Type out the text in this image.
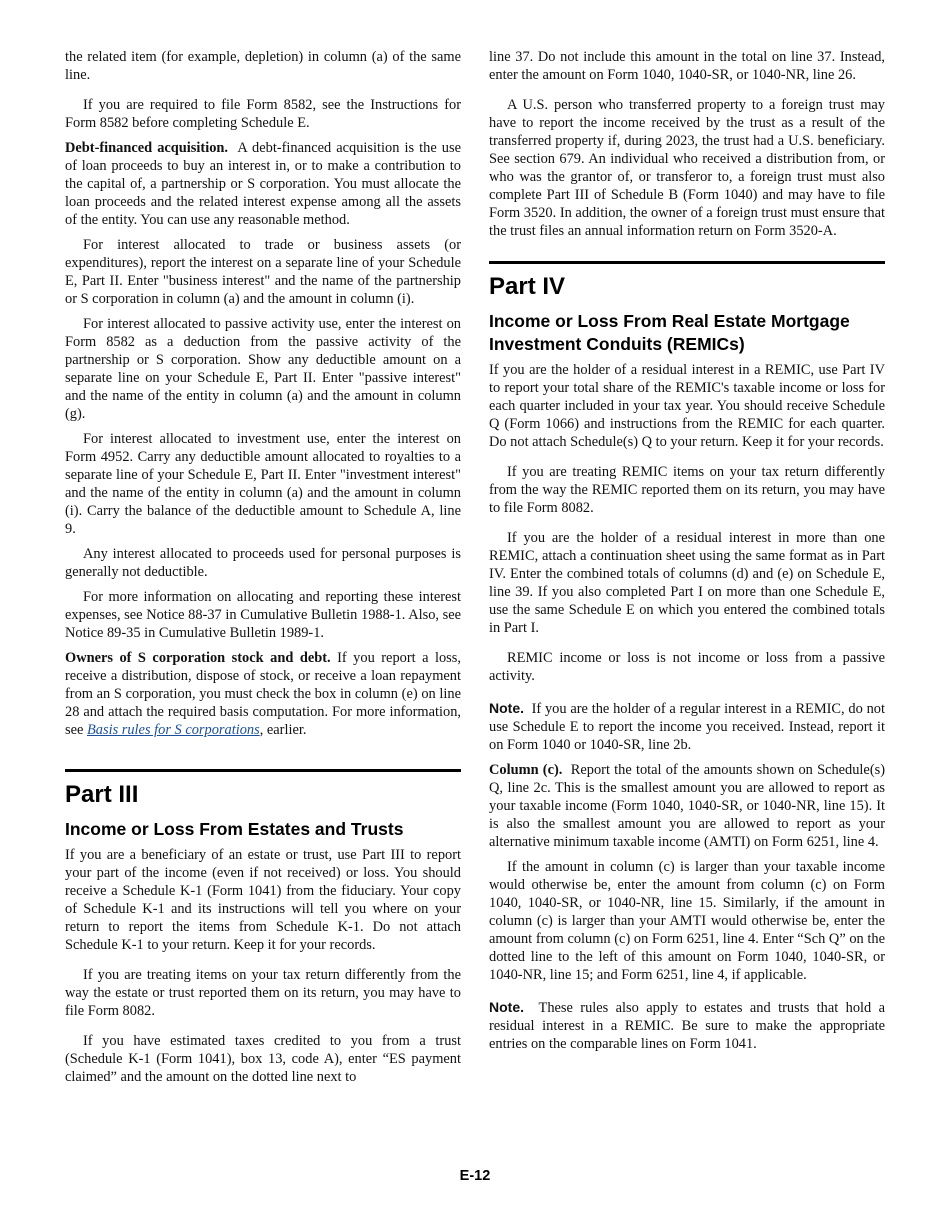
the related item (for example, depletion) in column (a) of the same line.

If you are required to file Form 8582, see the Instructions for Form 8582 before completing Schedule E.

Debt-financed acquisition. A debt-financed acquisition is the use of loan proceeds to buy an interest in, or to make a contribution to the capital of, a partnership or S corporation. You must allocate the loan proceeds and the related interest expense among all the assets of the entity. You can use any reasonable method.

For interest allocated to trade or business assets (or expenditures), report the interest on a separate line of your Schedule E, Part II. Enter "business interest" and the name of the partnership or S corporation in column (a) and the amount in column (i).

For interest allocated to passive activity use, enter the interest on Form 8582 as a deduction from the passive activity of the partnership or S corporation. Show any deductible amount on a separate line on your Schedule E, Part II. Enter "passive interest" and the name of the entity in column (a) and the amount in column (g).

For interest allocated to investment use, enter the interest on Form 4952. Carry any deductible amount allocated to royalties to a separate line of your Schedule E, Part II. Enter "investment interest" and the name of the entity in column (a) and the amount in column (i). Carry the balance of the deductible amount to Schedule A, line 9.

Any interest allocated to proceeds used for personal purposes is generally not deductible.

For more information on allocating and reporting these interest expenses, see Notice 88-37 in Cumulative Bulletin 1988-1. Also, see Notice 89-35 in Cumulative Bulletin 1989-1.

Owners of S corporation stock and debt. If you report a loss, receive a distribution, dispose of stock, or receive a loan repayment from an S corporation, you must check the box in column (e) on line 28 and attach the required basis computation. For more information, see Basis rules for S corporations, earlier.

Part III
Income or Loss From Estates and Trusts

If you are a beneficiary of an estate or trust, use Part III to report your part of the income (even if not received) or loss. You should receive a Schedule K-1 (Form 1041) from the fiduciary. Your copy of Schedule K-1 and its instructions will tell you where on your return to report the items from Schedule K-1. Do not attach Schedule K-1 to your return. Keep it for your records.

If you are treating items on your tax return differently from the way the estate or trust reported them on its return, you may have to file Form 8082.

If you have estimated taxes credited to you from a trust (Schedule K-1 (Form 1041), box 13, code A), enter “ES payment claimed” and the amount on the dotted line next to

line 37. Do not include this amount in the total on line 37. Instead, enter the amount on Form 1040, 1040-SR, or 1040-NR, line 26.

A U.S. person who transferred property to a foreign trust may have to report the income received by the trust as a result of the transferred property if, during 2023, the trust had a U.S. beneficiary. See section 679. An individual who received a distribution from, or who was the grantor of, or transferor to, a foreign trust must also complete Part III of Schedule B (Form 1040) and may have to file Form 3520. In addition, the owner of a foreign trust must ensure that the trust files an annual information return on Form 3520-A.

Part IV
Income or Loss From Real Estate Mortgage Investment Conduits (REMICs)

If you are the holder of a residual interest in a REMIC, use Part IV to report your total share of the REMIC's taxable income or loss for each quarter included in your tax year. You should receive Schedule Q (Form 1066) and instructions from the REMIC for each quarter. Do not attach Schedule(s) Q to your return. Keep it for your records.

If you are treating REMIC items on your tax return differently from the way the REMIC reported them on its return, you may have to file Form 8082.

If you are the holder of a residual interest in more than one REMIC, attach a continuation sheet using the same format as in Part IV. Enter the combined totals of columns (d) and (e) on Schedule E, line 39. If you also completed Part I on more than one Schedule E, use the same Schedule E on which you entered the combined totals in Part I.

REMIC income or loss is not income or loss from a passive activity.

Note. If you are the holder of a regular interest in a REMIC, do not use Schedule E to report the income you received. Instead, report it on Form 1040 or 1040-SR, line 2b.

Column (c). Report the total of the amounts shown on Schedule(s) Q, line 2c. This is the smallest amount you are allowed to report as your taxable income (Form 1040, 1040-SR, or 1040-NR, line 15). It is also the smallest amount you are allowed to report as your alternative minimum taxable income (AMTI) on Form 6251, line 4.

If the amount in column (c) is larger than your taxable income would otherwise be, enter the amount from column (c) on Form 1040, 1040-SR, or 1040-NR, line 15. Similarly, if the amount in column (c) is larger than your AMTI would otherwise be, enter the amount from column (c) on Form 6251, line 4. Enter “Sch Q” on the dotted line to the left of this amount on Form 1040, 1040-SR, or 1040-NR, line 15; and Form 6251, line 4, if applicable.

Note. These rules also apply to estates and trusts that hold a residual interest in a REMIC. Be sure to make the appropriate entries on the comparable lines on Form 1041.

E-12
